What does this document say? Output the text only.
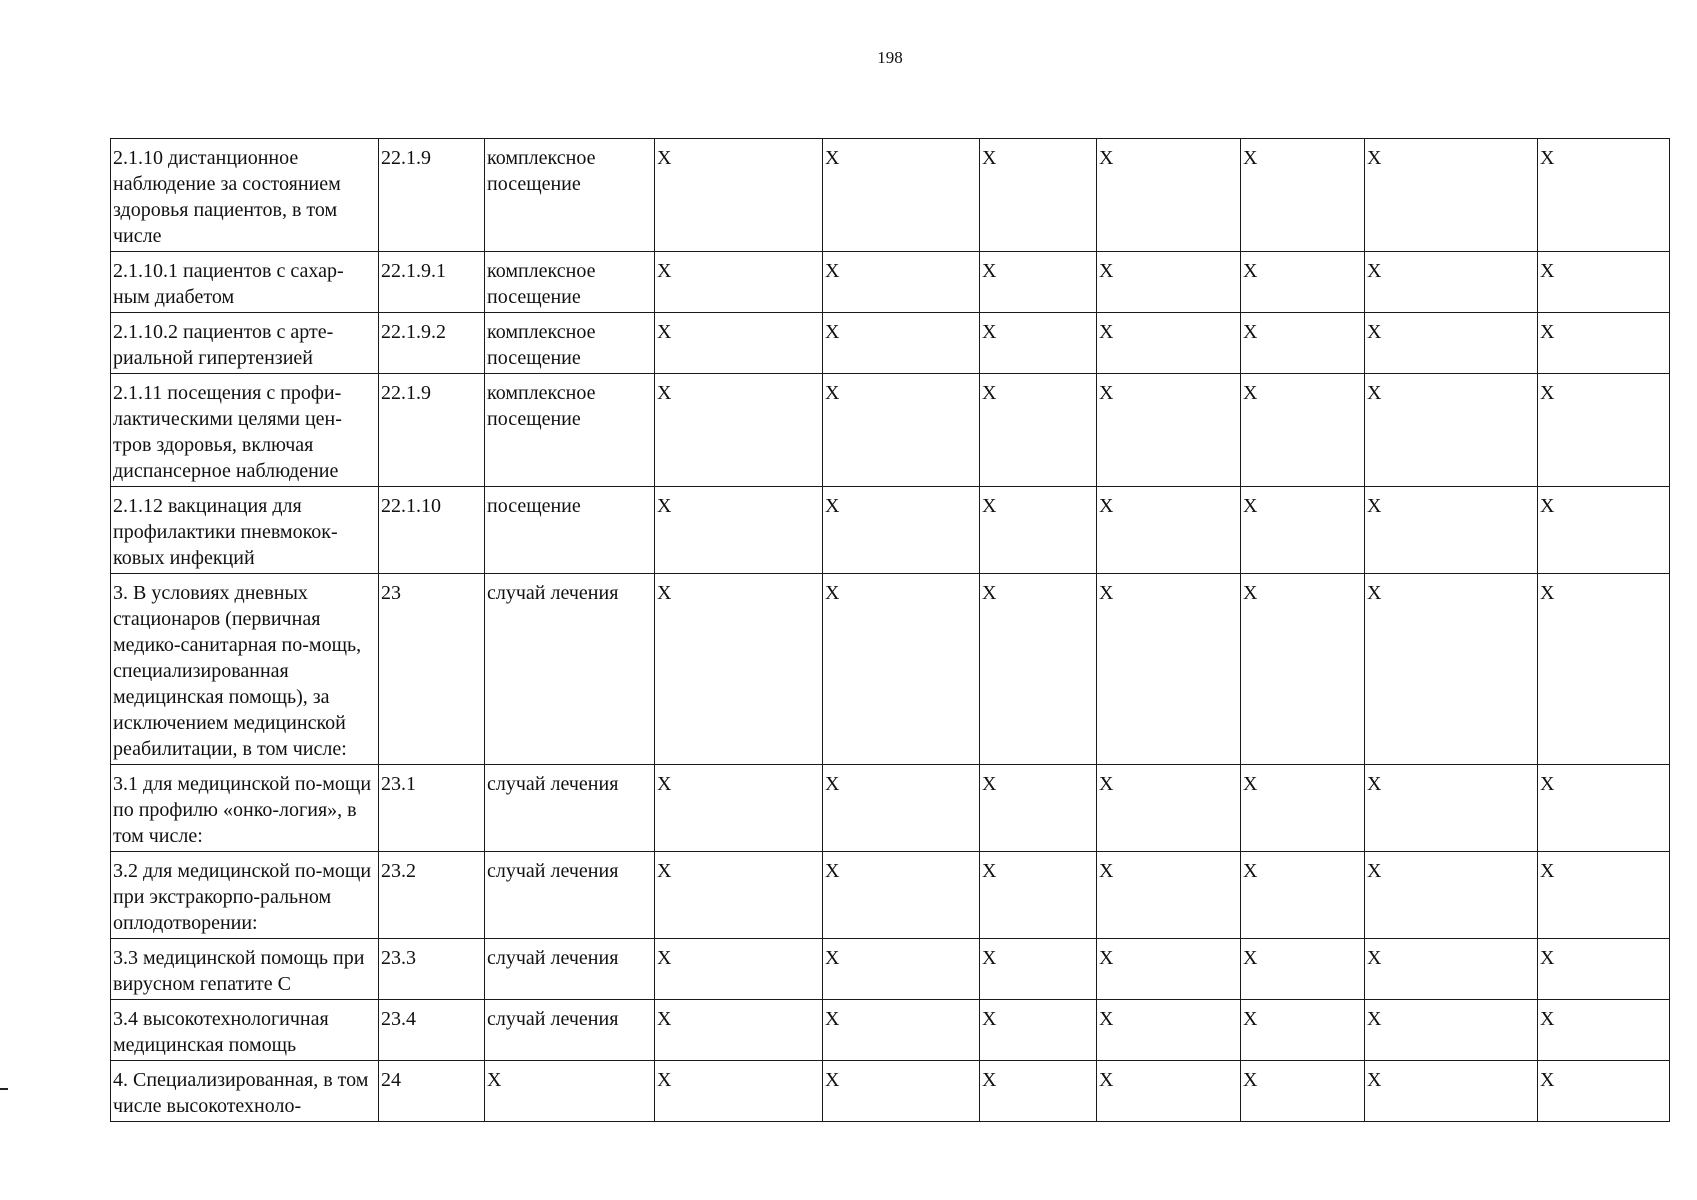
198
2.1.10 дистанционное наблюдение за состоянием здоровья пациентов, в том числе	22.1.9	комплексное посещение	X	X	X	X	X	X	X
2.1.10.1 пациентов с сахар-ным диабетом	22.1.9.1	комплексное посещение	X	X	X	X	X	X	X
2.1.10.2 пациентов с арте-риальной гипертензией	22.1.9.2	комплексное посещение	X	X	X	X	X	X	X
2.1.11 посещения с профи-лактическими целями цен-тров здоровья, включая диспансерное наблюдение	22.1.9	комплексное посещение	X	X	X	X	X	X	X
2.1.12 вакцинация для профилактики пневмокок-ковых инфекций	22.1.10	посещение	X	X	X	X	X	X	X
3. В условиях дневных стационаров (первичная медико-санитарная по-мощь, специализированная медицинская помощь), за исключением медицинской реабилитации, в том числе:	23	случай лечения	X	X	X	X	X	X	X
3.1 для медицинской по-мощи по профилю «онко-логия», в том числе:	23.1	случай лечения	X	X	X	X	X	X	X
3.2 для медицинской по-мощи при экстракорпо-ральном оплодотворении:	23.2	случай лечения	X	X	X	X	X	X	X
3.3 медицинской помощь при вирусном гепатите С	23.3	случай лечения	X	X	X	X	X	X	X
3.4 высокотехнологичная медицинская помощь	23.4	случай лечения	X	X	X	X	X	X	X
4. Специализированная, в том числе высокотехноло-	24	X	X	X	X	X	X	X	X
